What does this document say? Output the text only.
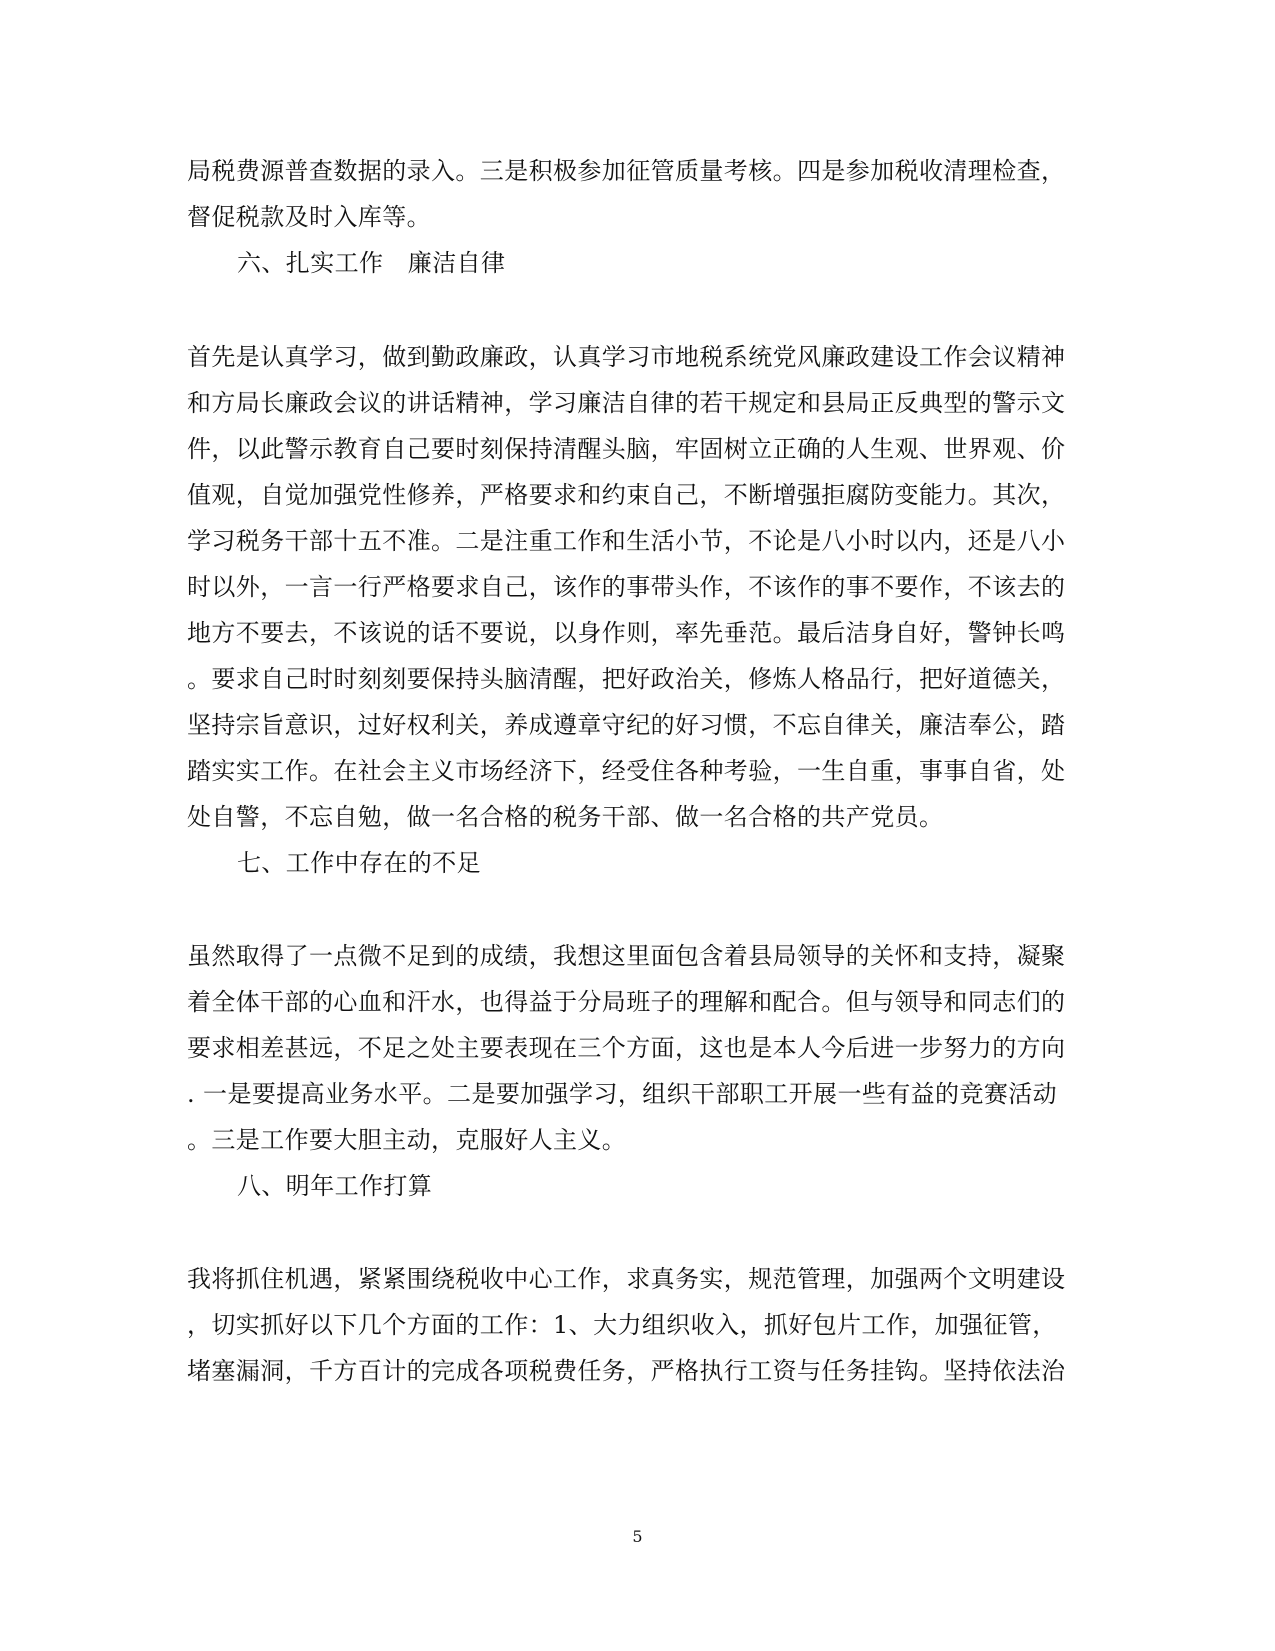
局税费源普查数据的录入。三是积极参加征管质量考核。四是参加税收清理检查，
督促税款及时入库等。
六、扎实工作　廉洁自律
首先是认真学习，做到勤政廉政，认真学习市地税系统党风廉政建设工作会议精神
和方局长廉政会议的讲话精神，学习廉洁自律的若干规定和县局正反典型的警示文
件，以此警示教育自己要时刻保持清醒头脑，牢固树立正确的人生观、世界观、价
值观，自觉加强党性修养，严格要求和约束自己，不断增强拒腐防变能力。其次，
学习税务干部十五不准。二是注重工作和生活小节，不论是八小时以内，还是八小
时以外，一言一行严格要求自己，该作的事带头作，不该作的事不要作，不该去的
地方不要去，不该说的话不要说，以身作则，率先垂范。最后洁身自好，警钟长鸣
。要求自己时时刻刻要保持头脑清醒，把好政治关，修炼人格品行，把好道德关，
坚持宗旨意识，过好权利关，养成遵章守纪的好习惯，不忘自律关，廉洁奉公，踏
踏实实工作。在社会主义市场经济下，经受住各种考验，一生自重，事事自省，处
处自警，不忘自勉，做一名合格的税务干部、做一名合格的共产党员。
七、工作中存在的不足
虽然取得了一点微不足到的成绩，我想这里面包含着县局领导的关怀和支持，凝聚
着全体干部的心血和汗水，也得益于分局班子的理解和配合。但与领导和同志们的
要求相差甚远，不足之处主要表现在三个方面，这也是本人今后进一步努力的方向
. 一是要提高业务水平。二是要加强学习，组织干部职工开展一些有益的竞赛活动
。三是工作要大胆主动，克服好人主义。
八、明年工作打算
我将抓住机遇，紧紧围绕税收中心工作，求真务实，规范管理，加强两个文明建设
，切实抓好以下几个方面的工作：1、大力组织收入，抓好包片工作，加强征管，
堵塞漏洞，千方百计的完成各项税费任务，严格执行工资与任务挂钩。坚持依法治
5
